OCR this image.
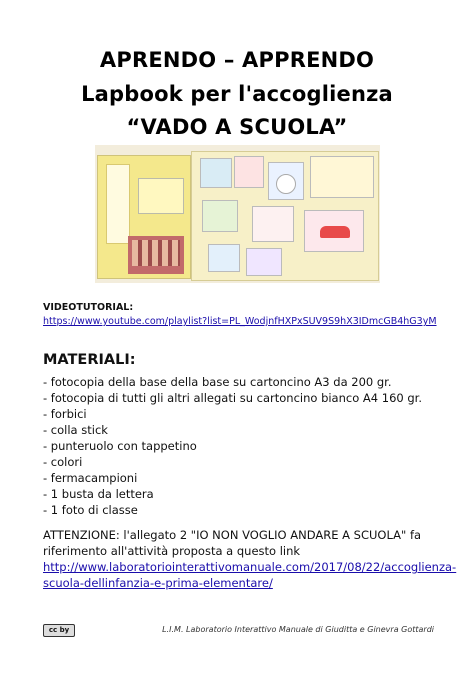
APRENDO – APPRENDO
Lapbook per l'accoglienza
“VADO A SCUOLA”
VIDEOTUTORIAL:
https://www.youtube.com/playlist?list=PL_WodjnfHXPxSUV9S9hX3IDmcGB4hG3yM
MATERIALI:
- fotocopia della base della base su cartoncino A3 da 200 gr.
- fotocopia di tutti gli altri allegati su cartoncino bianco A4 160 gr.
- forbici
- colla stick
- punteruolo con tappetino
- colori
- fermacampioni
- 1 busta da lettera
- 1 foto di classe
ATTENZIONE: l'allegato 2 "IO NON VOGLIO ANDARE A SCUOLA" fa riferimento all'attività proposta a questo link
http://www.laboratoriointerattivomanuale.com/2017/08/22/accoglienza-scuola-dellinfanzia-e-prima-elementare/
cc by	L.I.M. Laboratorio Interattivo Manuale di Giuditta e Ginevra Gottardi
